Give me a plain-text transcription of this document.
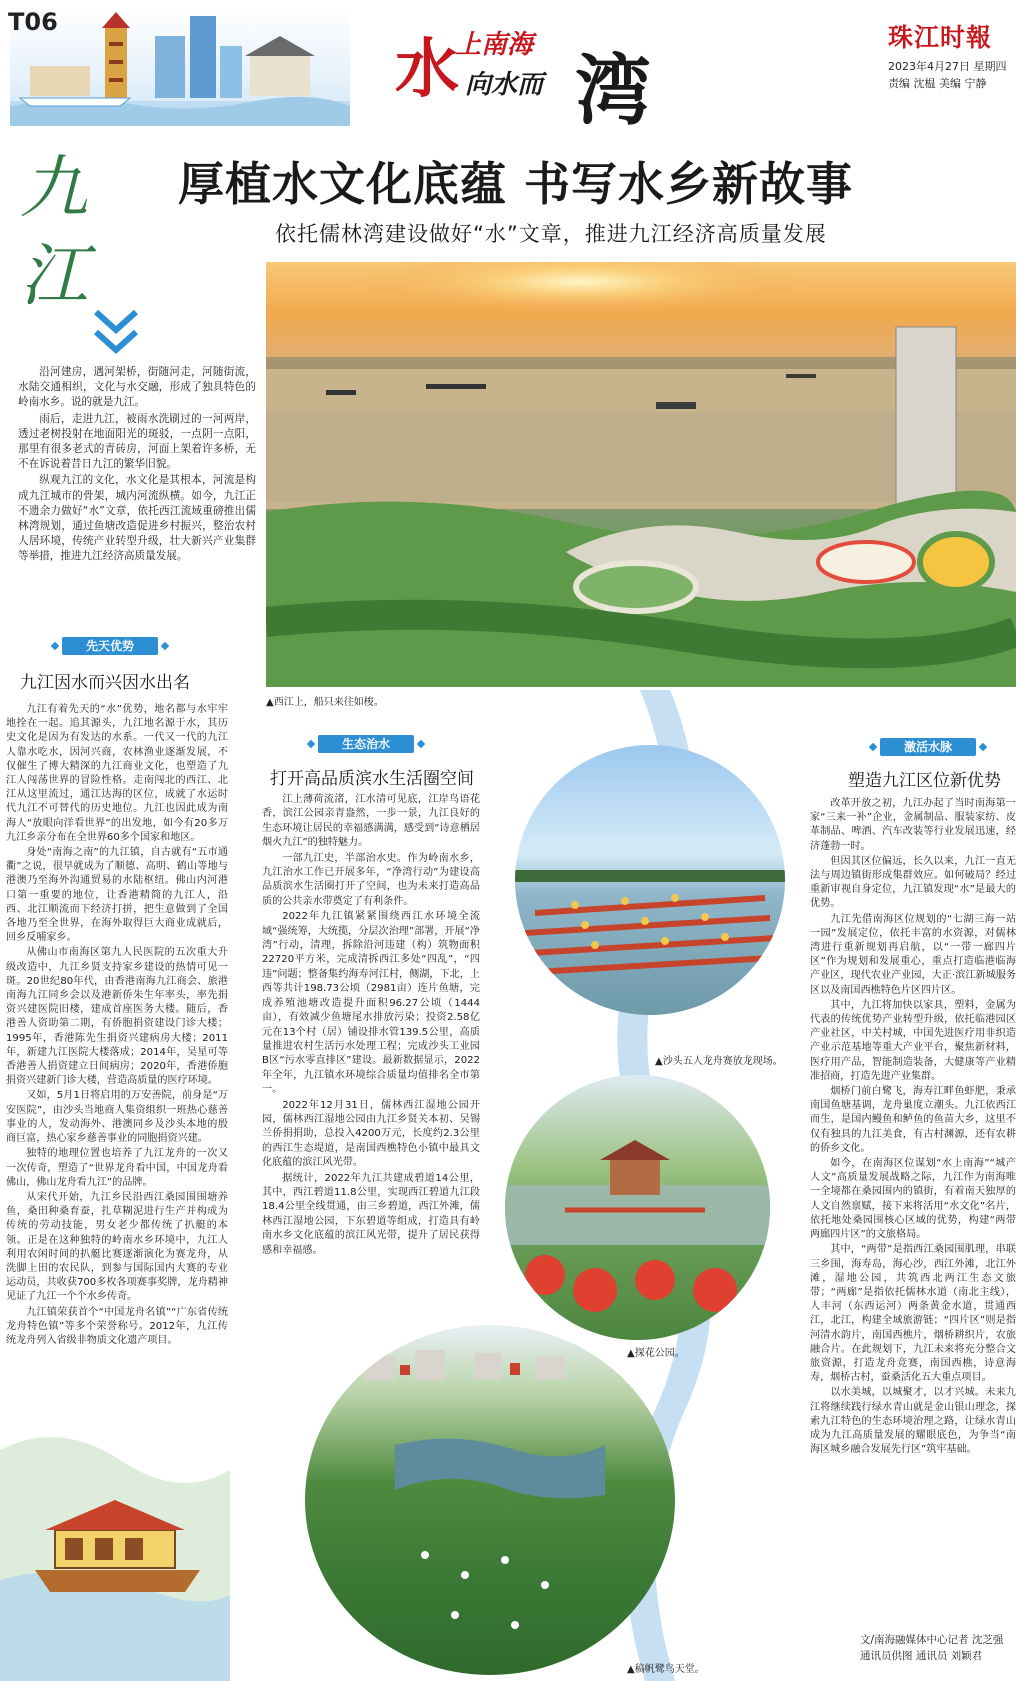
T06
水
上南海
向水而 湾
珠江时報
2023年4月27日 星期四
责编 沈榅 美编 宁静
九江
厚植水文化底蕴 书写水乡新故事
依托儒林湾建设做好“水”文章，推进九江经济高质量发展

沿河建房，遇河架桥，街随河走，河随街流，水陆交通相织，文化与水交融，形成了独具特色的岭南水乡。说的就是九江。

雨后，走进九江，被雨水洗刷过的一河两岸，透过老树投射在地面阳光的斑驳，一点阴一点阳，那里有很多老式的青砖房，河面上架着许多桥，无不在诉说着昔日九江的繁华旧貌。

纵观九江的文化，水文化是其根本，河流是构成九江城市的骨架，城内河流纵横。如今，九江正不遗余力做好“水”文章，依托西江流域重磅推出儒林湾规划，通过鱼塘改造促进乡村振兴，整治农村人居环境，传统产业转型升级，壮大新兴产业集群等举措，推进九江经济高质量发展。

▲西江上，船只来往如梭。
先天优势
九江因水而兴因水出名

九江有着先天的“水”优势，地名都与水牢牢地拴在一起。追其源头，九江地名源于水，其历史文化是因为有发达的水系。一代又一代的九江人靠水吃水，因河兴商，农林渔业逐渐发展，不仅催生了博大精深的九江商业文化，也塑造了九江人闯荡世界的冒险性格。走南闯北的西江、北江从这里流过，通江达海的区位，成就了水运时代九江不可替代的历史地位。九江也因此成为南海人“放眼向洋看世界”的出发地，如今有20多万九江乡亲分布在全世界60多个国家和地区。

身处“南海之南”的九江镇，自古就有“五市通衢”之说，很早就成为了顺德、高明、鹤山等地与港澳乃至海外沟通贸易的水陆枢纽。佛山内河港口第一重要的地位，让香港精简的九江人，沿西、北江顺流而下经济打拼，把生意做到了全国各地乃至全世界，在海外取得巨大商业成就后，回乡反哺家乡。

从佛山市南海区第九人民医院的五次重大升级改造中，九江乡贤支持家乡建设的热情可见一斑。20世纪80年代，由香港南海九江商会、旅港南海九江同乡会以及港新侨朱生年率头，率先捐资兴建医院旧楼，建成首座医务大楼。随后，香港善人资助第二期，有侨胞捐资建设门诊大楼；1995年，香港陈先生捐资兴建病房大楼；2011年，新建九江医院大楼落成；2014年，吴星可等香港善人捐资建立日间病房；2020年，香港侨胞捐资兴建新门诊大楼，营造高质量的医疗环境。

又如，5月1日将启用的万安善院，前身是“万安医院”，由沙头当地商人集资组织一班热心慈善事业的人，发动海外、港澳同乡及沙头本地的殷商巨富，热心家乡慈善事业的同胞捐资兴建。

独特的地理位置也培养了九江龙舟的一次又一次传奇，塑造了“世界龙舟看中国，中国龙舟看佛山，佛山龙舟看九江”的品牌。

从宋代开始，九江乡民沿西江桑园围围塘养鱼，桑田种桑育蚕，扎草糊泥进行生产并构成为传统的劳动技能，男女老少都传统了扒艇的本领。正是在这种独特的岭南水乡环境中，九江人利用农闲时间的扒艇比赛逐渐演化为赛龙舟，从洗脚上田的农民队，到参与国际国内大赛的专业运动员，共收获700多枚各项赛事奖牌，龙舟精神见证了九江一个个水乡传奇。

九江镇荣获首个“中国龙舟名镇”“广东省传统龙舟特色镇”等多个荣誉称号。2012年，九江传统龙舟列入省级非物质文化遗产项目。

生态治水
打开高品质滨水生活圈空间

江上薄荷流渚，江水清可见底，江岸鸟语花香，滨江公园亲青盎然，一步一景，九江良好的生态环境让居民的幸福感满满，感受到“诗意栖居 烟火九江”的独特魅力。

一部九江史，半部治水史。作为岭南水乡，九江治水工作已开展多年，“净湾行动”为建设高品质滨水生活圈打开了空间，也为未来打造高品质的公共亲水带奠定了有利条件。

2022年九江镇紧紧围绕西江水环境全流域“强统筹，大统揽，分层次治理”部署，开展“净湾”行动，清理，拆除沿河违建（构）筑物面积22720平方米，完成清拆西江多处“四乱”，“四违”问题；整备集约海寿河江村，侧湖，下北，上西等共计198.73公顷（2981亩）连片鱼塘，完成养殖池塘改造提升面积96.27公顷（1444亩），有效减少鱼塘尾水排放污染；投资2.58亿元在13个村（居）铺设排水管139.5公里，高质量推进农村生活污水处理工程；完成沙头工业园B区“污水零直排区”建设。最新数据显示，2022年全年，九江镇水环境综合质量均值排名全市第一。

2022年12月31日，儒林西江湿地公园开园，儒林西江湿地公园由九江乡贤关本初、吴锡兰侨捐捐助，总投入4200万元，长度约2.3公里的西江生态堤道，是南国西樵特色小镇中最具文化底蕴的滨江风光带。

据统计，2022年九江共建成碧道14公里，其中，西江碧道11.8公里，实现西江碧道九江段18.4公里全线贯通，由三乡碧道，西江外滩，儒林西江湿地公园，下东碧道等组成，打造具有岭南水乡文化底蕴的滨江风光带，提升了居民获得感和幸福感。

▲沙头五人龙舟赛放龙现场。
▲探花公园。
▲稿帆鹭鸟天堂。
激活水脉
塑造九江区位新优势

改革开放之初，九江办起了当时南海第一家“三来一补”企业，金属制品、服装家纺、皮革制品、啤酒、汽车改装等行业发展迅速，经济蓬勃一时。

但因其区位偏远，长久以来，九江一直无法与周边镇街形成集群效应。如何破局？经过重新审视自身定位，九江镇发现“水”是最大的优势。

九江先借南海区位规划的“七湖三海一站一园”发展定位，依托丰富的水资源，对儒林湾进行重新规划再启航，以“一带一廊四片区”作为规划和发展重心，重点打造临港临海产业区，现代农业产业园，大正·滨江新城服务区以及南国西樵特色片区四片区。

其中，九江将加快以家具，塑料，金属为代表的传统优势产业转型升级，依托临港园区产业社区，中关村城，中国先进医疗用非织造产业示范基地等重大产业平台，聚焦新材料，医疗用产品，智能制造装备，大健康等产业精准招商，打造先进产业集群。

烟桥门前白鹭飞，海寿江畔鱼虾肥，秉承南国鱼塘基调，龙舟巢度立潮头。九江依西江而生，是国内鳗鱼和鲈鱼的鱼苗大乡，这里不仅有独具的九江美食，有古村渊源，还有农耕的侨乡文化。

如今，在南海区位谋划“水上南海”“城产人文”高质量发展战略之际，九江作为南海唯一全境都在桑园围内的镇街，有着南天独厚的人文自然禀赋，接下来将活用“水文化”名片，依托地处桑园围核心区域的优势，构建“两带两廊四片区”的文旅格局。

其中，“两带”是指西江桑园围肌理，串联三乡围，海寿岛，海心沙，西江外滩，北江外滩，湿地公园，共筑西北两江生态文旅带；“两廊”是指依托儒林水道（南北主线），人丰河（东西运河）两条黄金水道，贯通西江，北江，构建全域旅游链；“四片区”则是指河清水韵片，南国西樵片，烟桥耕织片，农旅融合片。在此规划下，九江未来将充分整合文旅资源，打造龙舟竞赛，南国西樵，诗意海寿，烟桥古村，蚕桑活化五大重点项目。

以水美城，以城聚才，以才兴城。未来九江将继续践行绿水青山就是金山银山理念，探索九江特色的生态环境治理之路，让绿水青山成为九江高质量发展的耀眼底色，为争当“南海区城乡融合发展先行区”筑牢基础。

文/南海融媒体中心记者 沈芝强
通讯员供图 通讯员 刘颖君
